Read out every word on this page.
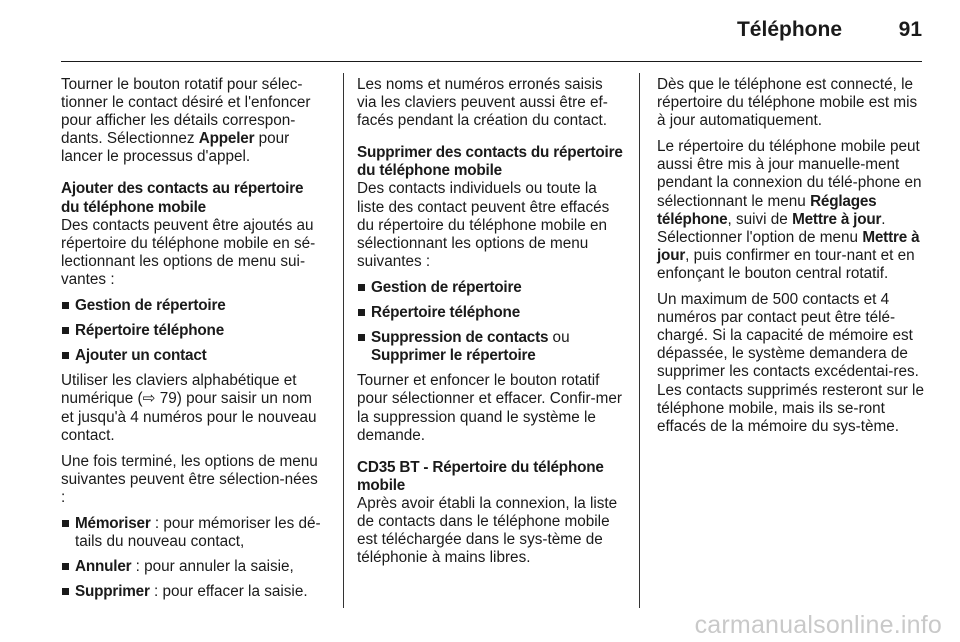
Téléphone	91

Tourner le bouton rotatif pour sélec-tionner le contact désiré et l'enfoncer pour afficher les détails correspon-dants. Sélectionnez Appeler pour lancer le processus d'appel.

Ajouter des contacts au répertoire du téléphone mobile

Des contacts peuvent être ajoutés au répertoire du téléphone mobile en sé-lectionnant les options de menu sui-vantes :

Gestion de répertoire
Répertoire téléphone
Ajouter un contact

Utiliser les claviers alphabétique et numérique (⇨ 79) pour saisir un nom et jusqu'à 4 numéros pour le nouveau contact.

Une fois terminé, les options de menu suivantes peuvent être sélection-nées :

Mémoriser : pour mémoriser les dé-tails du nouveau contact,
Annuler : pour annuler la saisie,
Supprimer : pour effacer la saisie.

Les noms et numéros erronés saisis via les claviers peuvent aussi être ef-facés pendant la création du contact.

Supprimer des contacts du répertoire du téléphone mobile

Des contacts individuels ou toute la liste des contact peuvent être effacés du répertoire du téléphone mobile en sélectionnant les options de menu suivantes :

Gestion de répertoire
Répertoire téléphone
Suppression de contacts ou Supprimer le répertoire

Tourner et enfoncer le bouton rotatif pour sélectionner et effacer. Confir-mer la suppression quand le système le demande.

CD35 BT - Répertoire du téléphone mobile

Après avoir établi la connexion, la liste de contacts dans le téléphone mobile est téléchargée dans le sys-tème de téléphonie à mains libres.

Dès que le téléphone est connecté, le répertoire du téléphone mobile est mis à jour automatiquement.

Le répertoire du téléphone mobile peut aussi être mis à jour manuelle-ment pendant la connexion du télé-phone en sélectionnant le menu Réglages téléphone, suivi de Mettre à jour. Sélectionner l'option de menu Mettre à jour, puis confirmer en tour-nant et en enfonçant le bouton central rotatif.

Un maximum de 500 contacts et 4 numéros par contact peut être télé-chargé. Si la capacité de mémoire est dépassée, le système demandera de supprimer les contacts excédentai-res. Les contacts supprimés resteront sur le téléphone mobile, mais ils se-ront effacés de la mémoire du sys-tème.

carmanualsonline.info
